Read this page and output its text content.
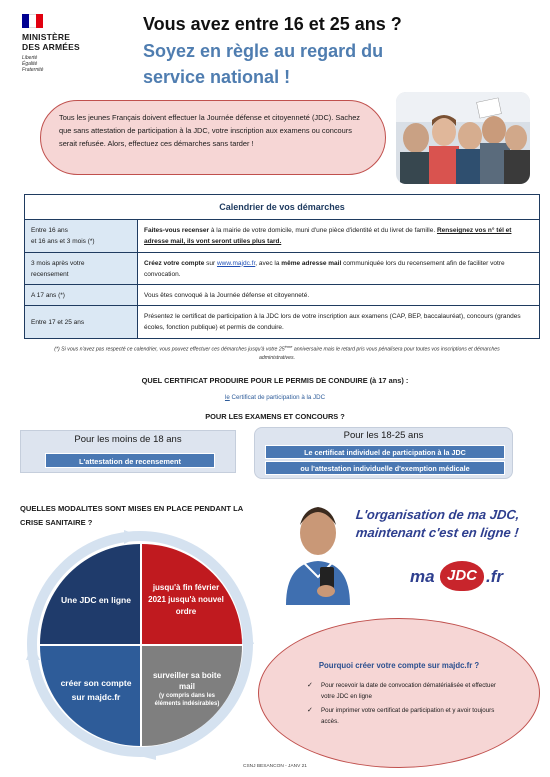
MINISTÈRE
DES ARMÉES
Liberté
Égalité
Fraternité
Vous avez entre 16 et 25 ans ?
Soyez en règle au regard du service national !
Tous les jeunes Français doivent effectuer la Journée défense et citoyenneté (JDC). Sachez que sans attestation de participation à la JDC, votre inscription aux examens ou concours serait refusée. Alors, effectuez ces démarches sans tarder !
Calendrier de vos démarches
Entre 16 ans
et 16 ans et 3 mois (*)
Faites-vous recenser à la mairie de votre domicile, muni d'une pièce d'identité et du livret de famille. Renseignez vos n° tél et adresse mail, ils vont seront utiles plus tard.
3 mois après votre
recensement
Créez votre compte sur www.majdc.fr, avec la même adresse mail communiquée lors du recensement afin de faciliter votre convocation.
A 17 ans (*)	Vous êtes convoqué à la Journée défense et citoyenneté.
Entre 17 et 25 ans
Présentez le certificat de participation à la JDC lors de votre inscription aux examens (CAP, BEP, baccalauréat), concours (grandes écoles, fonction publique) et permis de conduire.
(*) Si vous n'avez pas respecté ce calendrier, vous pouvez effectuer ces démarches jusqu'à votre 25ème anniversaire mais le retard pris vous pénalisera pour toutes vos inscriptions et démarches administratives.
QUEL CERTIFICAT PRODUIRE POUR LE PERMIS DE CONDUIRE (à 17 ans) :
le Certificat de participation à la JDC
POUR LES EXAMENS ET CONCOURS ?
Pour les moins de 18 ans
L'attestation de recensement
Pour les 18-25 ans
Le certificat individuel de participation à la JDC
ou l'attestation individuelle d'exemption médicale
QUELLES MODALITES SONT MISES EN PLACE PENDANT LA CRISE SANITAIRE ?
L'organisation de ma JDC,
maintenant c'est en ligne !
ma JDC .fr
Une JDC en ligne
jusqu'à fin février 2021 jusqu'à nouvel ordre
créer son compte sur majdc.fr
surveiller sa boite mail
(y compris dans les éléments indésirables)
Pourquoi créer votre compte sur majdc.fr ?
✓ Pour recevoir la date de convocation dématérialisée et effectuer votre JDC en ligne
✓ Pour imprimer votre certificat de participation et y avoir toujours accès.
CSNJ BESANCON - JANV 21
